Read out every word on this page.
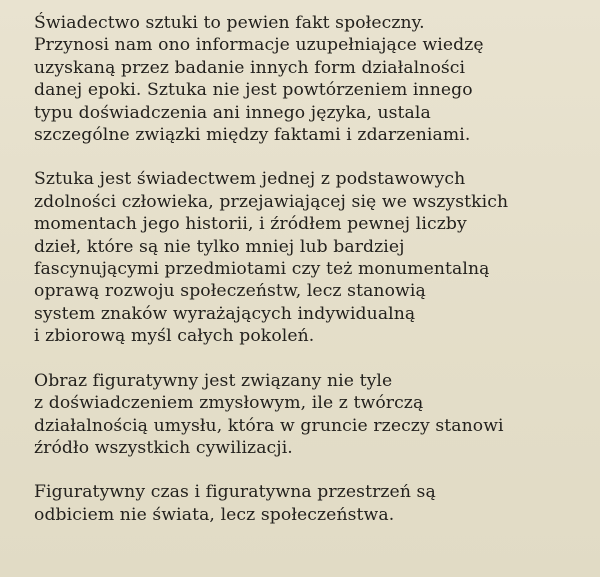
Świadectwo sztuki to pewien fakt społeczny.
Przynosi nam ono informacje uzupełniające wiedzę
uzyskaną przez badanie innych form działalności
danej epoki. Sztuka nie jest powtórzeniem innego
typu doświadczenia ani innego języka, ustala
szczególne związki między faktami i zdarzeniami.

Sztuka jest świadectwem jednej z podstawowych
zdolności człowieka, przejawiającej się we wszystkich
momentach jego historii, i źródłem pewnej liczby
dzieł, które są nie tylko mniej lub bardziej
fascynującymi przedmiotami czy też monumentalną
oprawą rozwoju społeczeństw, lecz stanowią
system znaków wyrażających indywidualną
i zbiorową myśl całych pokoleń.

Obraz figuratywny jest związany nie tyle
z doświadczeniem zmysłowym, ile z twórczą
działalnością umysłu, która w gruncie rzeczy stanowi
źródło wszystkich cywilizacji.

Figuratywny czas i figuratywna przestrzeń są
odbiciem nie świata, lecz społeczeństwa.
